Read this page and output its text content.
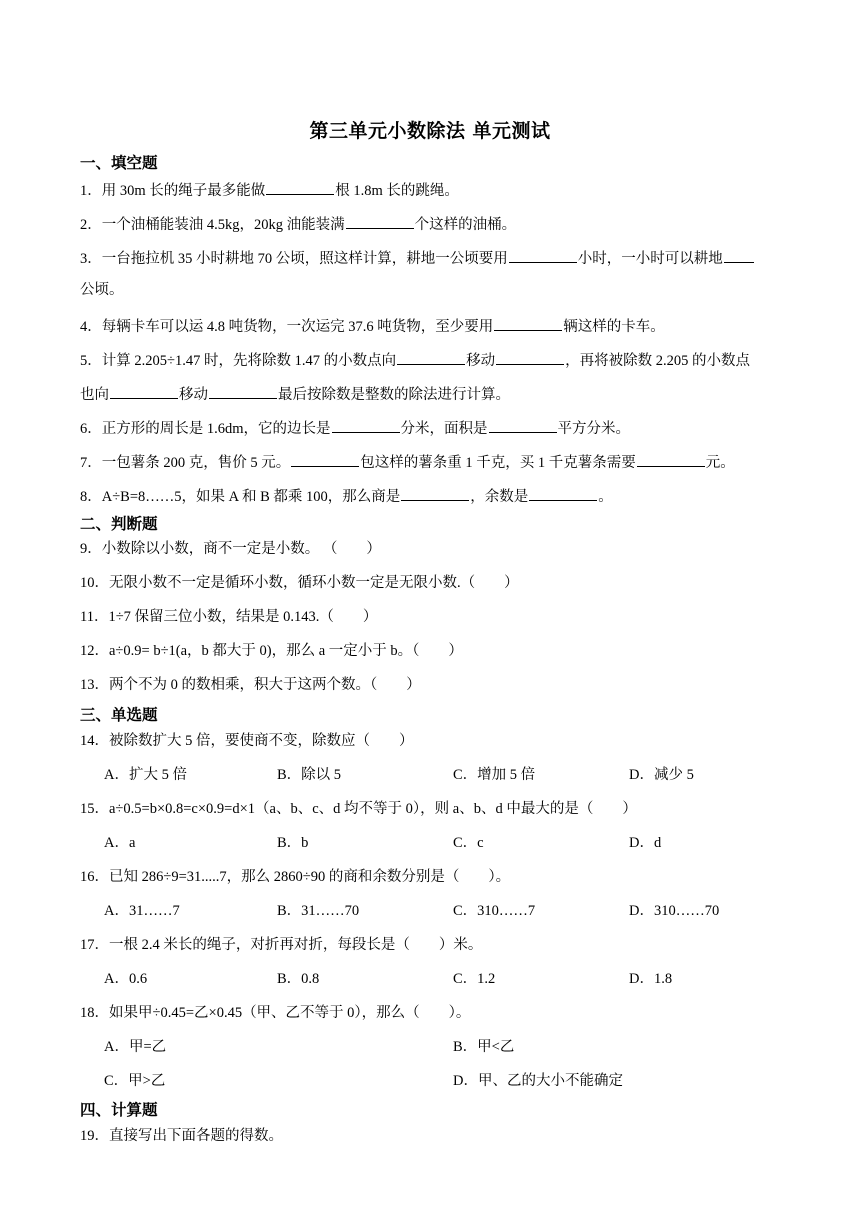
第三单元小数除法 单元测试
一、填空题
1．用 30m 长的绳子最多能做	根 1.8m 长的跳绳。
2．一个油桶能装油 4.5kg，20kg 油能装满	个这样的油桶。
3．一台拖拉机 35 小时耕地 70 公顷，照这样计算，耕地一公顷要用	小时，一小时可以耕地
公顷。
4．每辆卡车可以运 4.8 吨货物，一次运完 37.6 吨货物，至少要用	辆这样的卡车。
5．计算 2.205÷1.47 时，先将除数 1.47 的小数点向	移动	，再将被除数 2.205 的小数点
也向	移动	最后按除数是整数的除法进行计算。
6．正方形的周长是 1.6dm，它的边长是	分米，面积是	平方分米。
7．一包薯条 200 克，售价 5 元。	包这样的薯条重 1 千克，买 1 千克薯条需要	元。
8．A÷B=8……5，如果 A 和 B 都乘 100，那么商是	，余数是	。
二、判断题
9．小数除以小数，商不一定是小数。 （　　）
10．无限小数不一定是循环小数，循环小数一定是无限小数.（　　）
11．1÷7 保留三位小数，结果是 0.143.（　　）
12．a÷0.9= b÷1(a，b 都大于 0)，那么 a 一定小于 b。（　　）
13．两个不为 0 的数相乘，积大于这两个数。（　　）
三、单选题
14．被除数扩大 5 倍，要使商不变，除数应（　　）
A．扩大 5 倍	B．除以 5	C．增加 5 倍	D．减少 5
15．a÷0.5=b×0.8=c×0.9=d×1（a、b、c、d 均不等于 0），则 a、b、d 中最大的是（　　）
A．a	B．b	C．c	D．d
16．已知 286÷9=31.....7，那么 2860÷90 的商和余数分别是（　　）。
A．31……7	B．31……70	C．310……7	D．310……70
17．一根 2.4 米长的绳子，对折再对折，每段长是（　　）米。
A．0.6	B．0.8	C．1.2	D．1.8
18．如果甲÷0.45=乙×0.45（甲、乙不等于 0），那么（　　）。
A．甲=乙	B．甲<乙
C．甲>乙	D．甲、乙的大小不能确定
四、计算题
19．直接写出下面各题的得数。
